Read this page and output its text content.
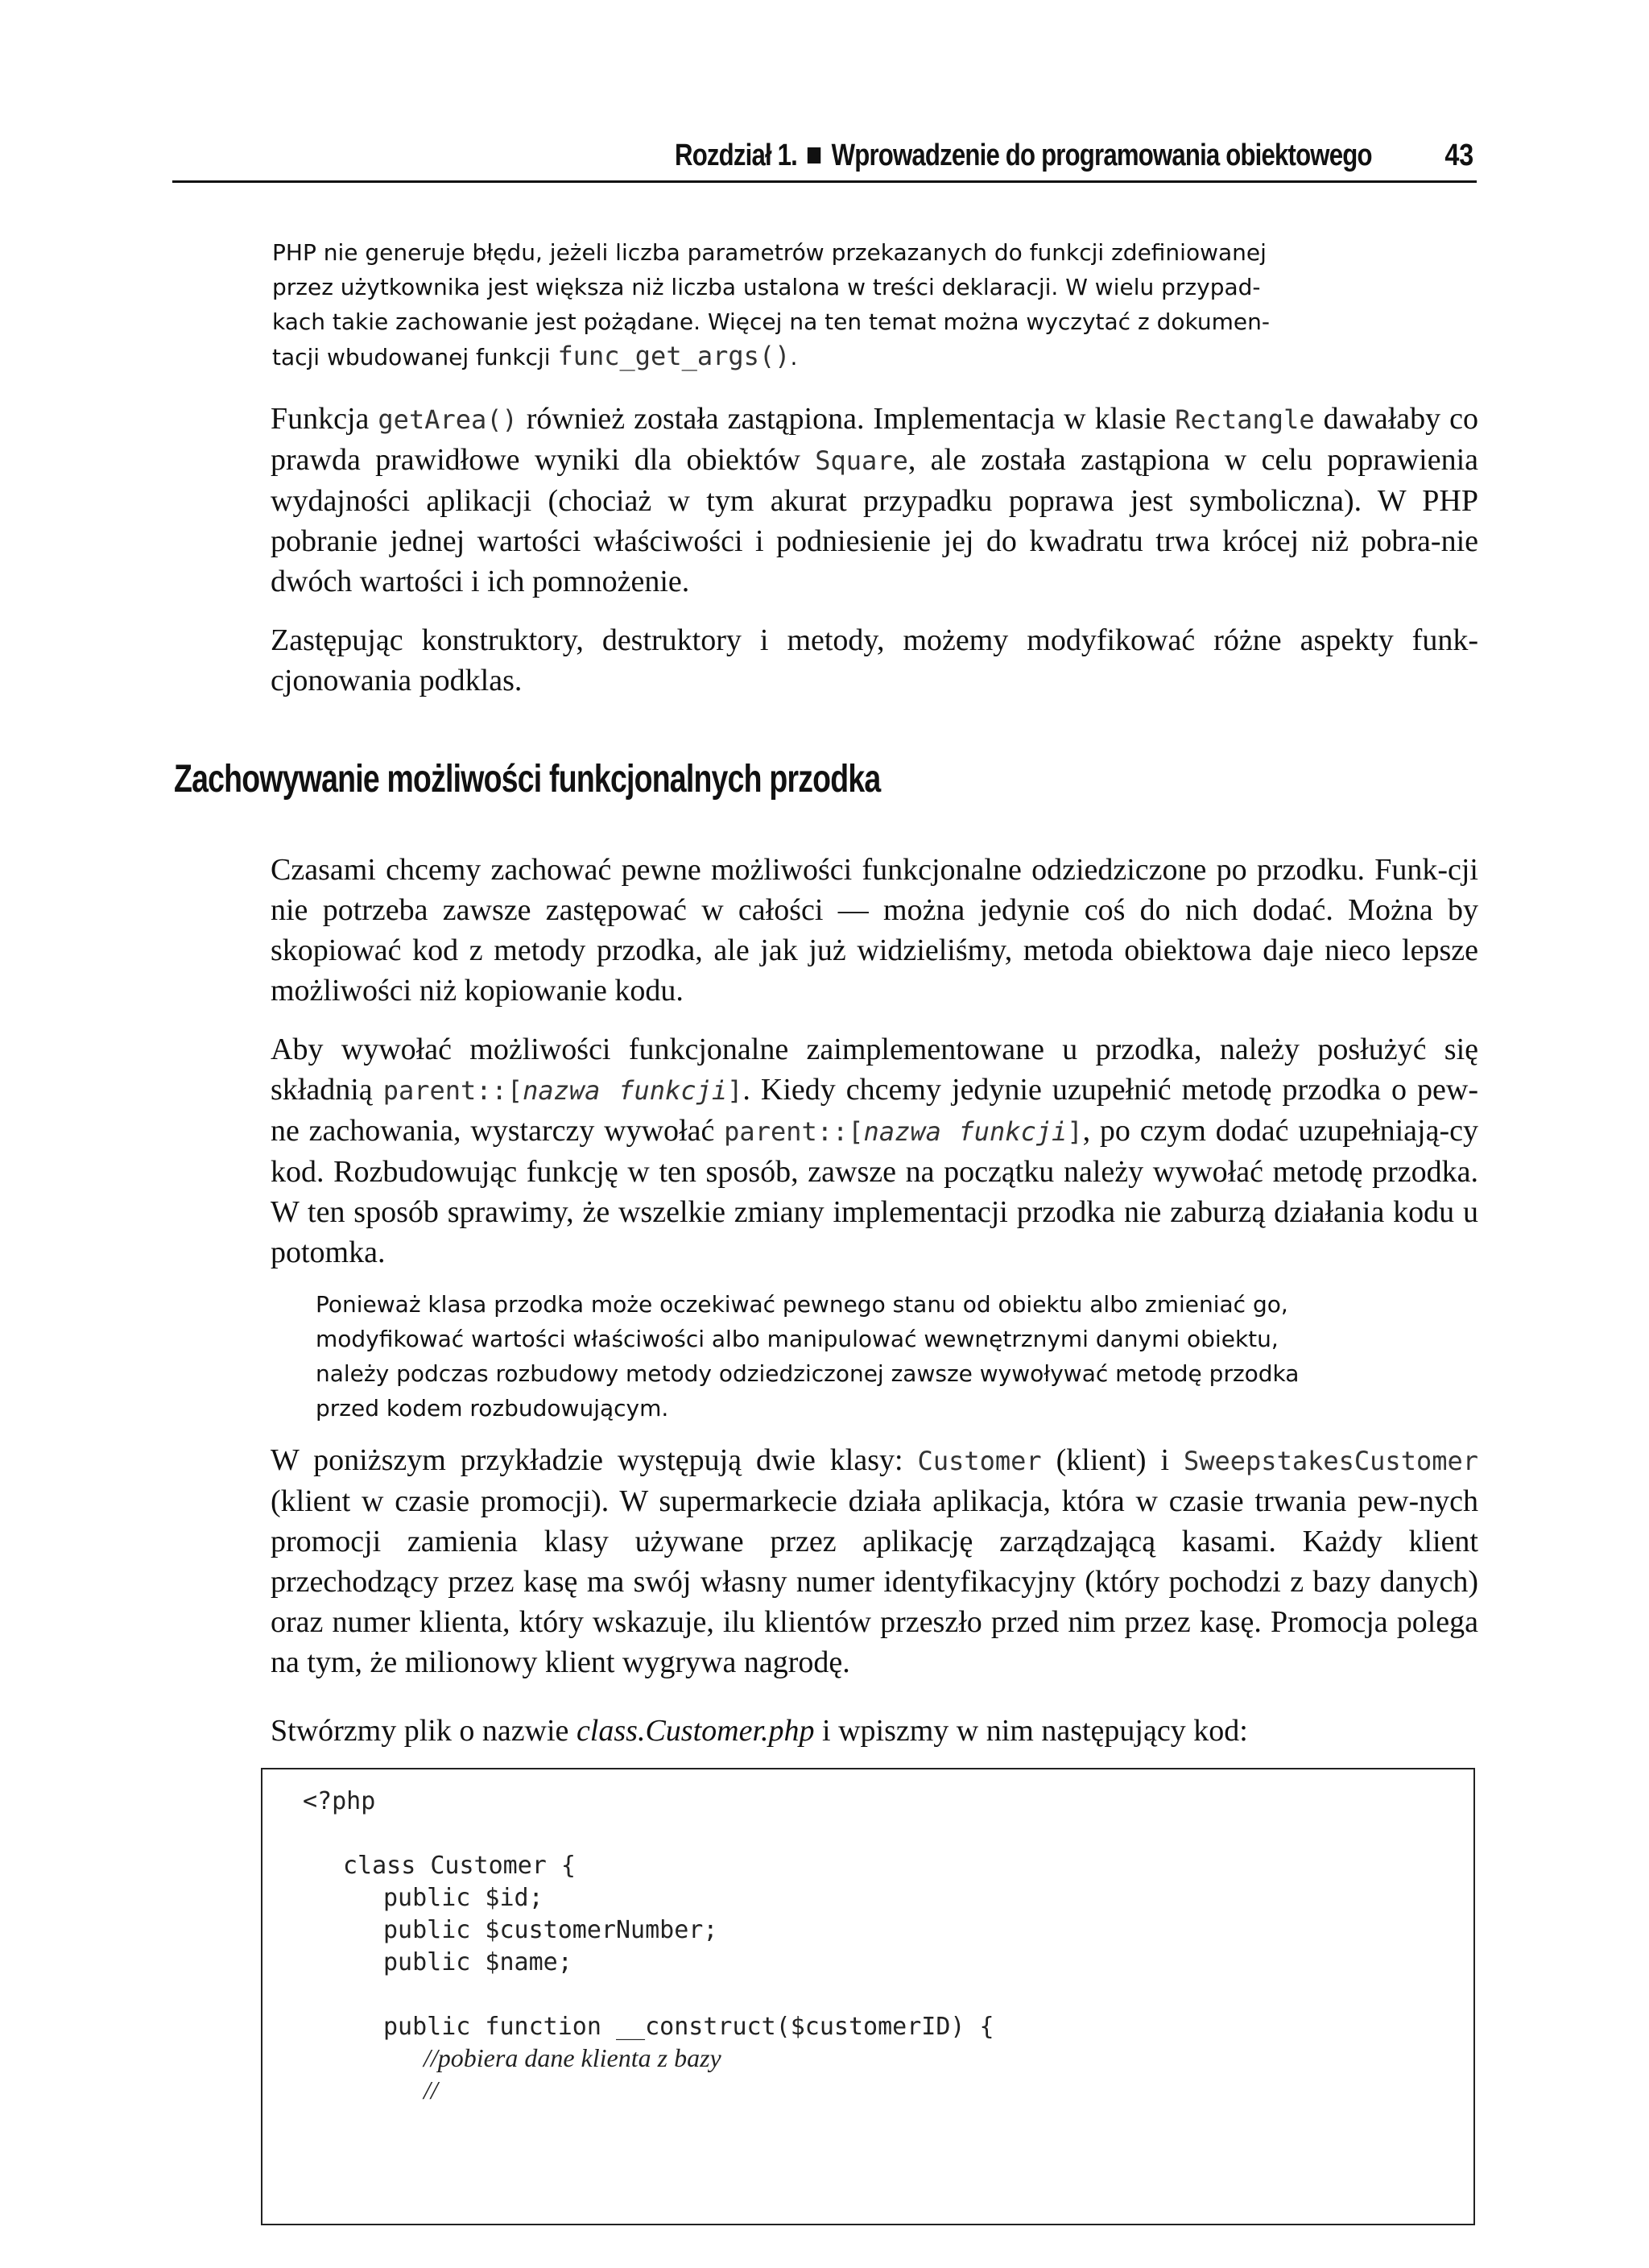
Rozdział 1. Wprowadzenie do programowania obiektowego 43
PHP nie generuje błędu, jeżeli liczba parametrów przekazanych do funkcji zdefiniowanej
przez użytkownika jest większa niż liczba ustalona w treści deklaracji. W wielu przypad-
kach takie zachowanie jest pożądane. Więcej na ten temat można wyczytać z dokumen-
tacji wbudowanej funkcji func_get_args().

Funkcja getArea() również została zastąpiona. Implementacja w klasie Rectangle dawałaby co prawda prawidłowe wyniki dla obiektów Square, ale została zastąpiona w celu poprawienia wydajności aplikacji (chociaż w tym akurat przypadku poprawa jest symboliczna). W PHP pobranie jednej wartości właściwości i podniesienie jej do kwadratu trwa krócej niż pobra-nie dwóch wartości i ich pomnożenie.

Zastępując konstruktory, destruktory i metody, możemy modyfikować różne aspekty funk-cjonowania podklas.

Zachowywanie możliwości funkcjonalnych przodka

Czasami chcemy zachować pewne możliwości funkcjonalne odziedziczone po przodku. Funk-cji nie potrzeba zawsze zastępować w całości — można jedynie coś do nich dodać. Można by skopiować kod z metody przodka, ale jak już widzieliśmy, metoda obiektowa daje nieco lepsze możliwości niż kopiowanie kodu.

Aby wywołać możliwości funkcjonalne zaimplementowane u przodka, należy posłużyć się składnią parent::[nazwa funkcji]. Kiedy chcemy jedynie uzupełnić metodę przodka o pew-ne zachowania, wystarczy wywołać parent::[nazwa funkcji], po czym dodać uzupełniają-cy kod. Rozbudowując funkcję w ten sposób, zawsze na początku należy wywołać metodę przodka. W ten sposób sprawimy, że wszelkie zmiany implementacji przodka nie zaburzą działania kodu u potomka.

Ponieważ klasa przodka może oczekiwać pewnego stanu od obiektu albo zmieniać go,
modyfikować wartości właściwości albo manipulować wewnętrznymi danymi obiektu,
należy podczas rozbudowy metody odziedziczonej zawsze wywoływać metodę przodka
przed kodem rozbudowującym.

W poniższym przykładzie występują dwie klasy: Customer (klient) i SweepstakesCustomer (klient w czasie promocji). W supermarkecie działa aplikacja, która w czasie trwania pew-nych promocji zamienia klasy używane przez aplikację zarządzającą kasami. Każdy klient przechodzący przez kasę ma swój własny numer identyfikacyjny (który pochodzi z bazy danych) oraz numer klienta, który wskazuje, ilu klientów przeszło przed nim przez kasę. Promocja polega na tym, że milionowy klient wygrywa nagrodę.

Stwórzmy plik o nazwie class.Customer.php i wpiszmy w nim następujący kod:

<?php
class Customer {
public $id;
public $customerNumber;
public $name;
public function __construct($customerID) {
//pobiera dane klienta z bazy
//
